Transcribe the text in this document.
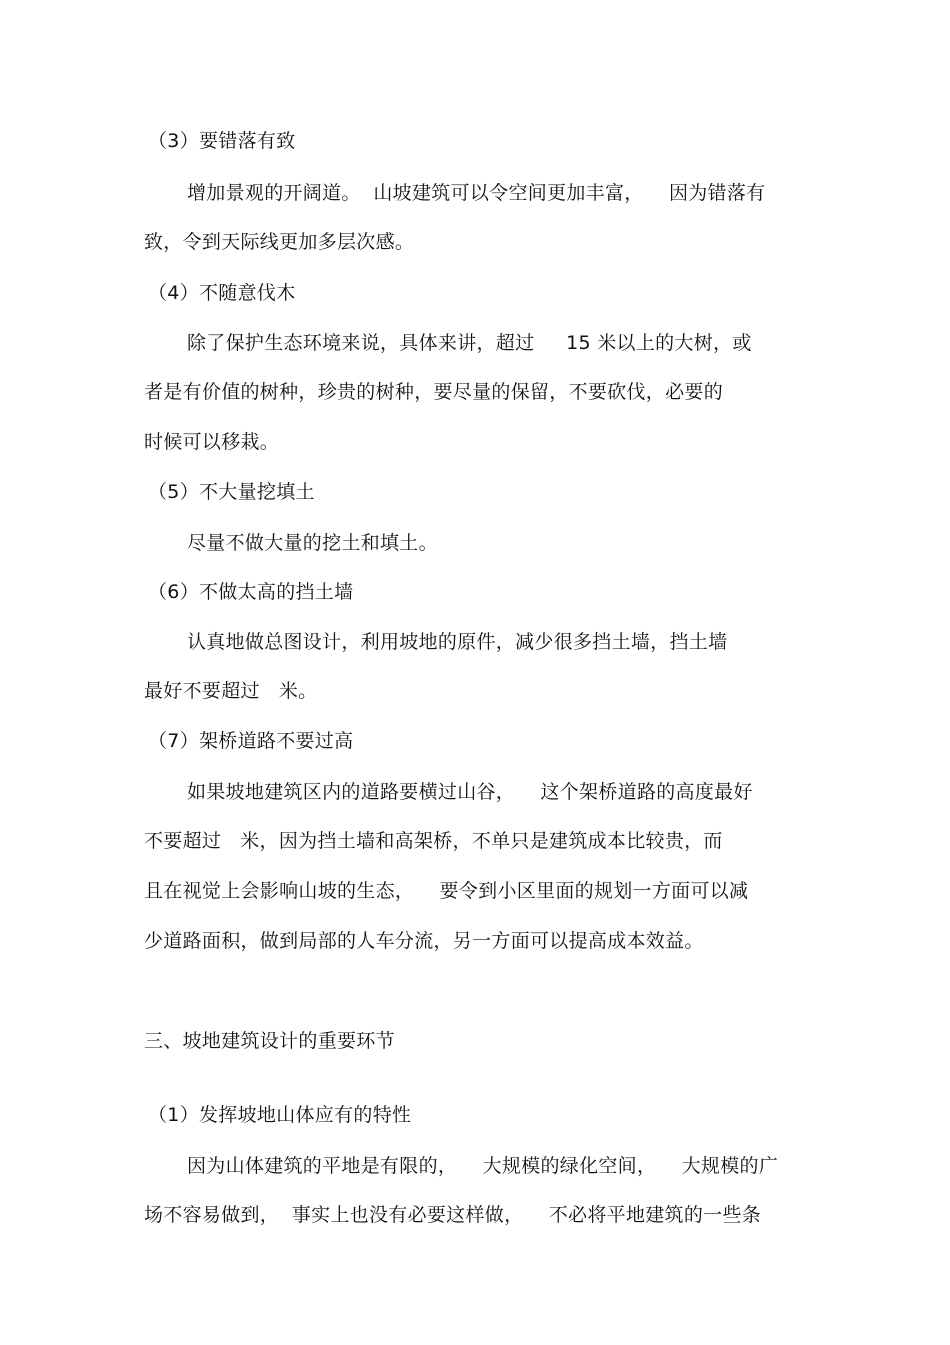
（3）要错落有致
增加景观的开阔道。  山坡建筑可以令空间更加丰富，    因为错落有
致，令到天际线更加多层次感。
（4）不随意伐木
除了保护生态环境来说，具体来讲，超过     15 米以上的大树，或
者是有价值的树种，珍贵的树种，要尽量的保留，不要砍伐，必要的
时候可以移栽。
（5）不大量挖填土
尽量不做大量的挖土和填土。
（6）不做太高的挡土墙
认真地做总图设计，利用坡地的原件，减少很多挡土墙，挡土墙
最好不要超过   米。
（7）架桥道路不要过高
如果坡地建筑区内的道路要横过山谷，    这个架桥道路的高度最好
不要超过   米，因为挡土墙和高架桥，不单只是建筑成本比较贵，而
且在视觉上会影响山坡的生态，    要令到小区里面的规划一方面可以减
少道路面积，做到局部的人车分流，另一方面可以提高成本效益。
三、坡地建筑设计的重要环节
（1）发挥坡地山体应有的特性
因为山体建筑的平地是有限的，    大规模的绿化空间，    大规模的广
场不容易做到，  事实上也没有必要这样做，    不必将平地建筑的一些条
